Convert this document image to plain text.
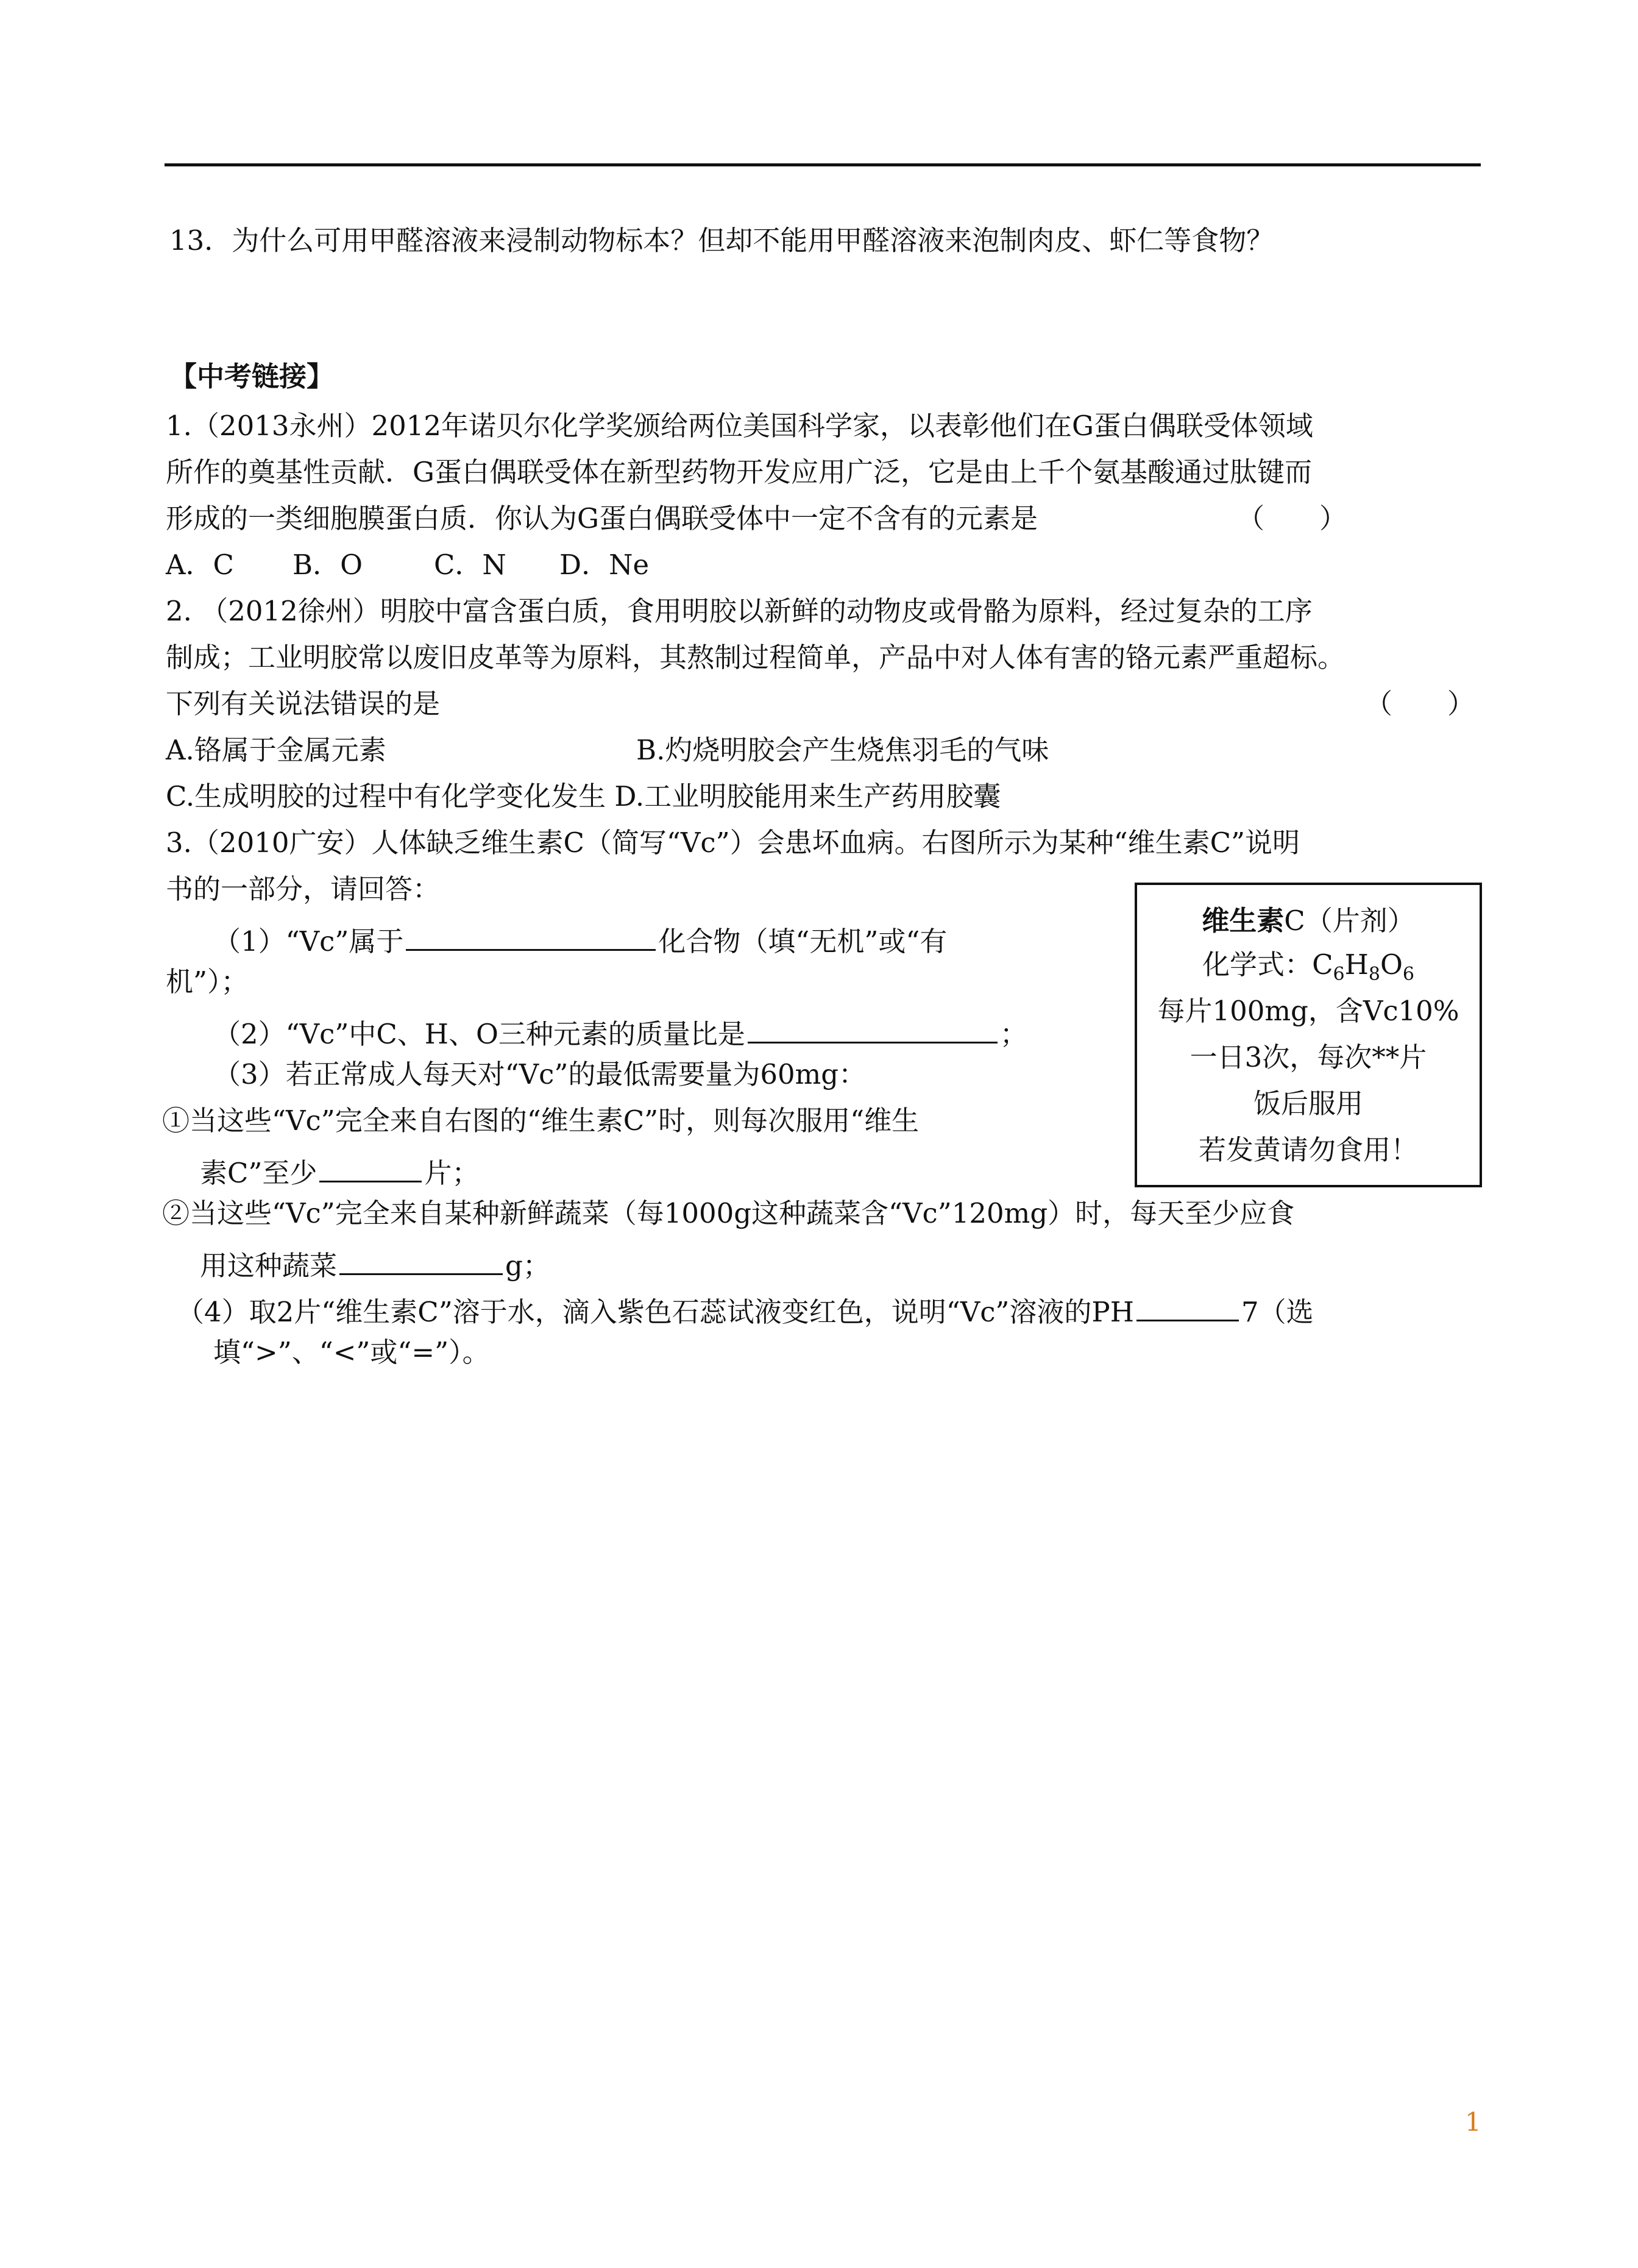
13．为什么可用甲醛溶液来浸制动物标本？但却不能用甲醛溶液来泡制肉皮、虾仁等食物？
【中考链接】
1.（2013永州）2012年诺贝尔化学奖颁给两位美国科学家，以表彰他们在G蛋白偶联受体领域
所作的奠基性贡献．G蛋白偶联受体在新型药物开发应用广泛，它是由上千个氨基酸通过肽键而
形成的一类细胞膜蛋白质．你认为G蛋白偶联受体中一定不含有的元素是	（　　）
A．C B．O	C．N D．Ne
2. （2012徐州）明胶中富含蛋白质，食用明胶以新鲜的动物皮或骨骼为原料，经过复杂的工序
制成；工业明胶常以废旧皮革等为原料，其熬制过程简单，产品中对人体有害的铬元素严重超标。
下列有关说法错误的是	（　　）
A.铬属于金属元素	B.灼烧明胶会产生烧焦羽毛的气味
C.生成明胶的过程中有化学变化发生 D.工业明胶能用来生产药用胶囊
3.（2010广安）人体缺乏维生素C（简写“Vc”）会患坏血病。右图所示为某种“维生素C”说明
书的一部分，请回答：
（1）“Vc”属于	化合物（填“无机”或“有
机”）；
（2）“Vc”中C、H、O三种元素的质量比是	；
（3）若正常成人每天对“Vc”的最低需要量为60mg：
①当这些“Vc”完全来自右图的“维生素C”时，则每次服用“维生
素C”至少	片；
②当这些“Vc”完全来自某种新鲜蔬菜（每1000g这种蔬菜含“Vc”120mg）时，每天至少应食
用这种蔬菜	g；
（4）取2片“维生素C”溶于水，滴入紫色石蕊试液变红色，说明“Vc”溶液的PH	7（选
填“>”、“<”或“=”）。
维生素C（片剂）
化学式：$C_6H_8O_6$
每片100mg，含Vc10%
一日3次，每次**片
饭后服用
若发黄请勿食用！
1
